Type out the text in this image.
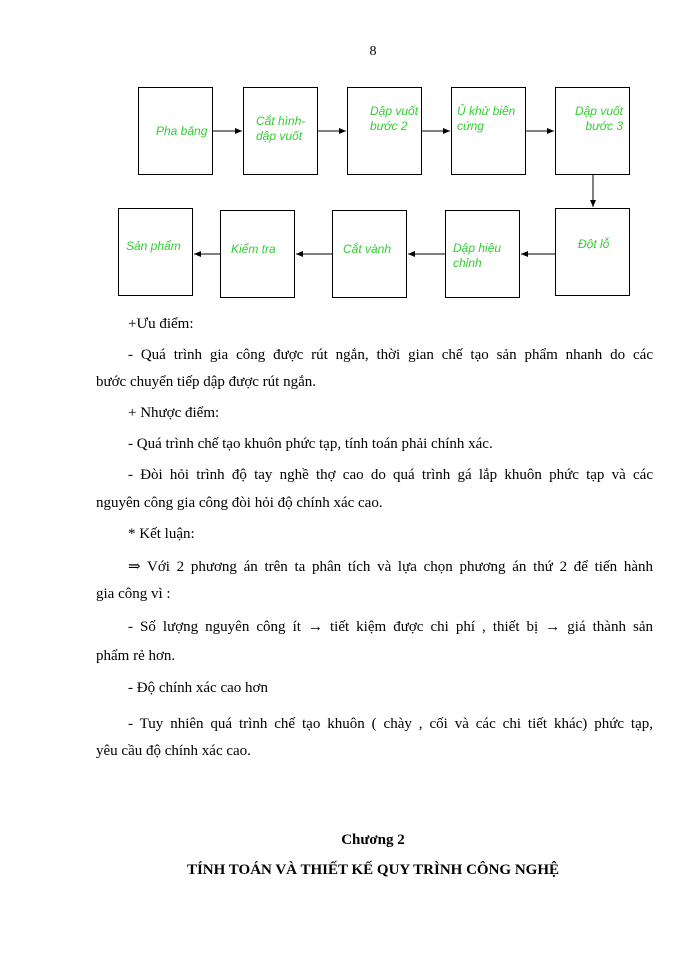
8
Pha băng
Cắt hình-dập vuốt
Dập vuốt bước 2
Ủ khử biến cứng
Dập vuốt bước 3
Đột lỗ
Dập hiệu chỉnh
Cắt vành
Kiểm tra
Sản phẩm
+Ưu điểm:
- Quá trình gia công được rút ngắn, thời gian chế tạo sản phẩm nhanh do các
bước chuyển tiếp dập được rút ngắn.
+ Nhược điểm:
- Quá trình chế tạo khuôn phức tạp, tính toán phải chính xác.
- Đòi hỏi trình độ tay nghề thợ cao do quá trình gá lắp khuôn phức tạp và các
nguyên công gia công đòi hỏi độ chính xác cao.
* Kết luận:
⇒ Với 2 phương án trên ta phân tích và lựa chọn phương án thứ 2 để tiến hành
gia công vì :
- Số lượng nguyên công ít → tiết kiệm được chi phí , thiết bị → giá thành sản
phẩm rẻ hơn.
- Độ chính xác cao hơn
- Tuy nhiên quá trình chế tạo khuôn ( chày , cối và các chi tiết khác) phức tạp,
yêu cầu độ chính xác cao.
Chương 2
TÍNH TOÁN VÀ THIẾT KẾ QUY TRÌNH CÔNG NGHỆ
